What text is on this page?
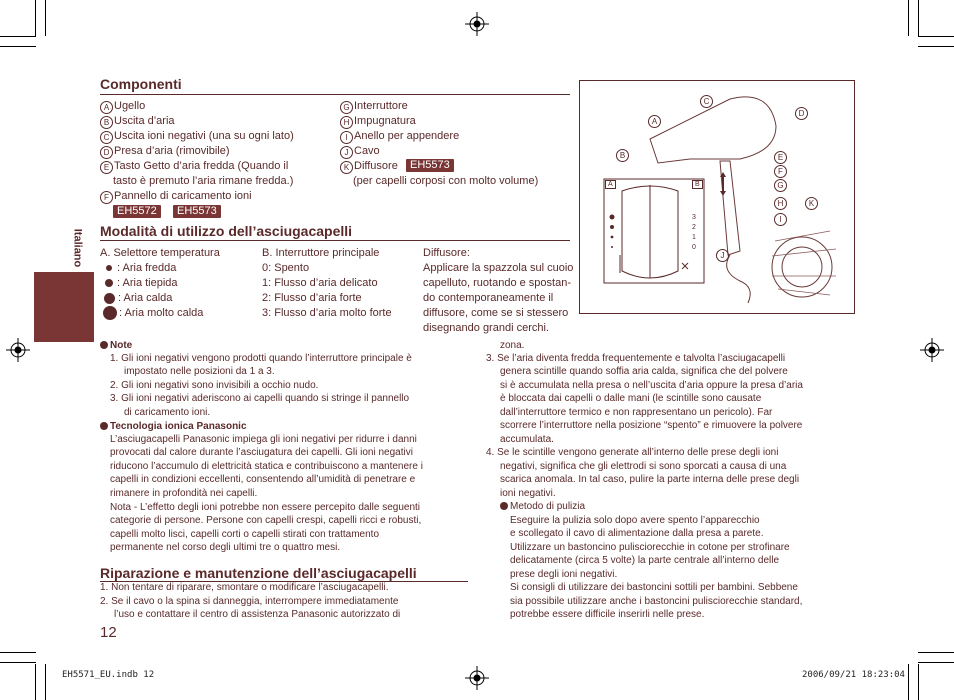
Italiano
Componenti
A Ugello
B Uscita d’aria
C Uscita ioni negativi (una su ogni lato)
D Presa d’aria (rimovibile)
E Tasto Getto d’aria fredda (Quando il
tasto è premuto l’aria rimane fredda.)
F Pannello di caricamento ioni
EH5572	EH5573
G Interruttore
H Impugnatura
I Anello per appendere
J Cavo
K Diffusore	EH5573
(per capelli corposi con molto volume)
C
A
D
B	E
F
G
H	K
I
J
A	B
3
2
1
0
Modalità di utilizzo dell’asciugacapelli
A. Selettore temperatura
: Aria fredda
: Aria tiepida
: Aria calda
: Aria molto calda
B. Interruttore principale
0: Spento
1: Flusso d’aria delicato
2: Flusso d’aria forte
3: Flusso d’aria molto forte
Diffusore:
Applicare la spazzola sul cuoio
capelluto, ruotando e spostan-
do contemporaneamente il
diffusore, come se si stessero
disegnando grandi cerchi.
Note
1. Gli ioni negativi vengono prodotti quando l’interruttore principale è
impostato nelle posizioni da 1 a 3.
2. Gli ioni negativi sono invisibili a occhio nudo.
3. Gli ioni negativi aderiscono ai capelli quando si stringe il pannello
di caricamento ioni.
Tecnologia ionica Panasonic
L’asciugacapelli Panasonic impiega gli ioni negativi per ridurre i danni
provocati dal calore durante l’asciugatura dei capelli. Gli ioni negativi
riducono l’accumulo di elettricità statica e contribuiscono a mantenere i
capelli in condizioni eccellenti, consentendo all’umidità di penetrare e
rimanere in profondità nei capelli.
Nota - L’effetto degli ioni potrebbe non essere percepito dalle seguenti
categorie di persone. Persone con capelli crespi, capelli ricci e robusti,
capelli molto lisci, capelli corti o capelli stirati con trattamento
permanente nel corso degli ultimi tre o quattro mesi.
Riparazione e manutenzione dell’asciugacapelli
1. Non tentare di riparare, smontare o modificare l’asciugacapelli.
2. Se il cavo o la spina si danneggia, interrompere immediatamente
l’uso e contattare il centro di assistenza Panasonic autorizzato di
12
zona.
3. Se l’aria diventa fredda frequentemente e talvolta l’asciugacapelli
genera scintille quando soffia aria calda, significa che del polvere
si è accumulata nella presa o nell’uscita d’aria oppure la presa d’aria
è bloccata dai capelli o dalle mani (le scintille sono causate
dall’interruttore termico e non rappresentano un pericolo). Far
scorrere l’interruttore nella posizione “spento” e rimuovere la polvere
accumulata.
4. Se le scintille vengono generate all’interno delle prese degli ioni
negativi, significa che gli elettrodi si sono sporcati a causa di una
scarica anomala. In tal caso, pulire la parte interna delle prese degli
ioni negativi.
Metodo di pulizia
Eseguire la pulizia solo dopo avere spento l’apparecchio
e scollegato il cavo di alimentazione dalla presa a parete.
Utilizzare un bastoncino pulisciorecchie in cotone per strofinare
delicatamente (circa 5 volte) la parte centrale all’interno delle
prese degli ioni negativi.
Si consigli di utilizzare dei bastoncini sottili per bambini. Sebbene
sia possibile utilizzare anche i bastoncini pulisciorecchie standard,
potrebbe essere difficile inserirli nelle prese.
EH5571_EU.indb 12	2006/09/21 18:23:04
